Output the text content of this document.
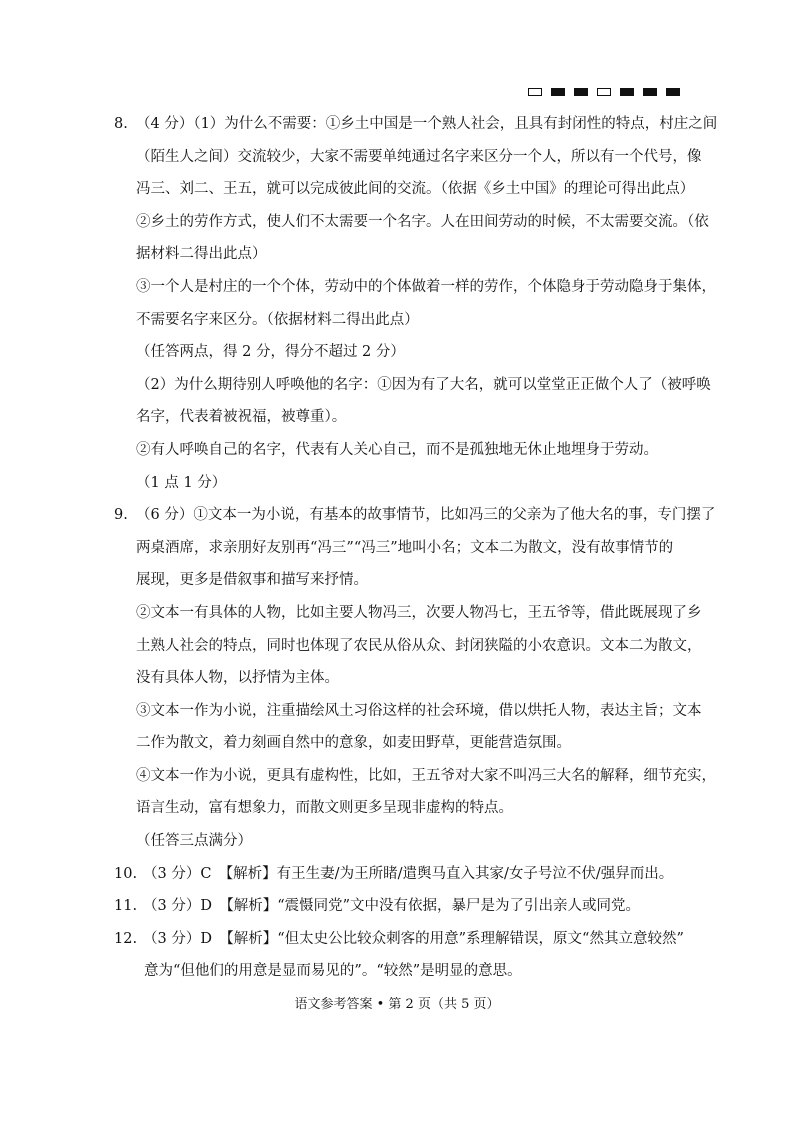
8. （4 分）（1）为什么不需要：①乡土中国是一个熟人社会，且具有封闭性的特点，村庄之间

（陌生人之间）交流较少，大家不需要单纯通过名字来区分一个人，所以有一个代号，像

冯三、刘二、王五，就可以完成彼此间的交流。（依据《乡土中国》的理论可得出此点）

②乡土的劳作方式，使人们不太需要一个名字。人在田间劳动的时候，不太需要交流。（依

据材料二得出此点）

③一个人是村庄的一个个体，劳动中的个体做着一样的劳作，个体隐身于劳动隐身于集体，

不需要名字来区分。（依据材料二得出此点）

（任答两点，得 2 分，得分不超过 2 分）

（2）为什么期待别人呼唤他的名字：①因为有了大名，就可以堂堂正正做个人了（被呼唤

名字，代表着被祝福，被尊重）。

②有人呼唤自己的名字，代表有人关心自己，而不是孤独地无休止地埋身于劳动。

（1 点 1 分）

9. （6 分）①文本一为小说，有基本的故事情节，比如冯三的父亲为了他大名的事，专门摆了

两桌酒席，求亲朋好友别再“冯三”“冯三”地叫小名；文本二为散文，没有故事情节的

展现，更多是借叙事和描写来抒情。

②文本一有具体的人物，比如主要人物冯三，次要人物冯七，王五爷等，借此既展现了乡

土熟人社会的特点，同时也体现了农民从俗从众、封闭狭隘的小农意识。文本二为散文，

没有具体人物，以抒情为主体。

③文本一作为小说，注重描绘风土习俗这样的社会环境，借以烘托人物，表达主旨；文本

二作为散文，着力刻画自然中的意象，如麦田野草，更能营造氛围。

④文本一作为小说，更具有虚构性，比如，王五爷对大家不叫冯三大名的解释，细节充实，

语言生动，富有想象力，而散文则更多呈现非虚构的特点。

（任答三点满分）

10. （3 分）C　【解析】有王生妻/为王所睹/遣舆马直入其家/女子号泣不伏/强舁而出。

11. （3 分）D　【解析】“震慑同党”文中没有依据，暴尸是为了引出亲人或同党。

12. （3 分）D　【解析】“但太史公比较众刺客的用意”系理解错误，原文“然其立意较然”

意为“但他们的用意是显而易见的”。“较然”是明显的意思。

语文参考答案 • 第 2 页（共 5 页）
